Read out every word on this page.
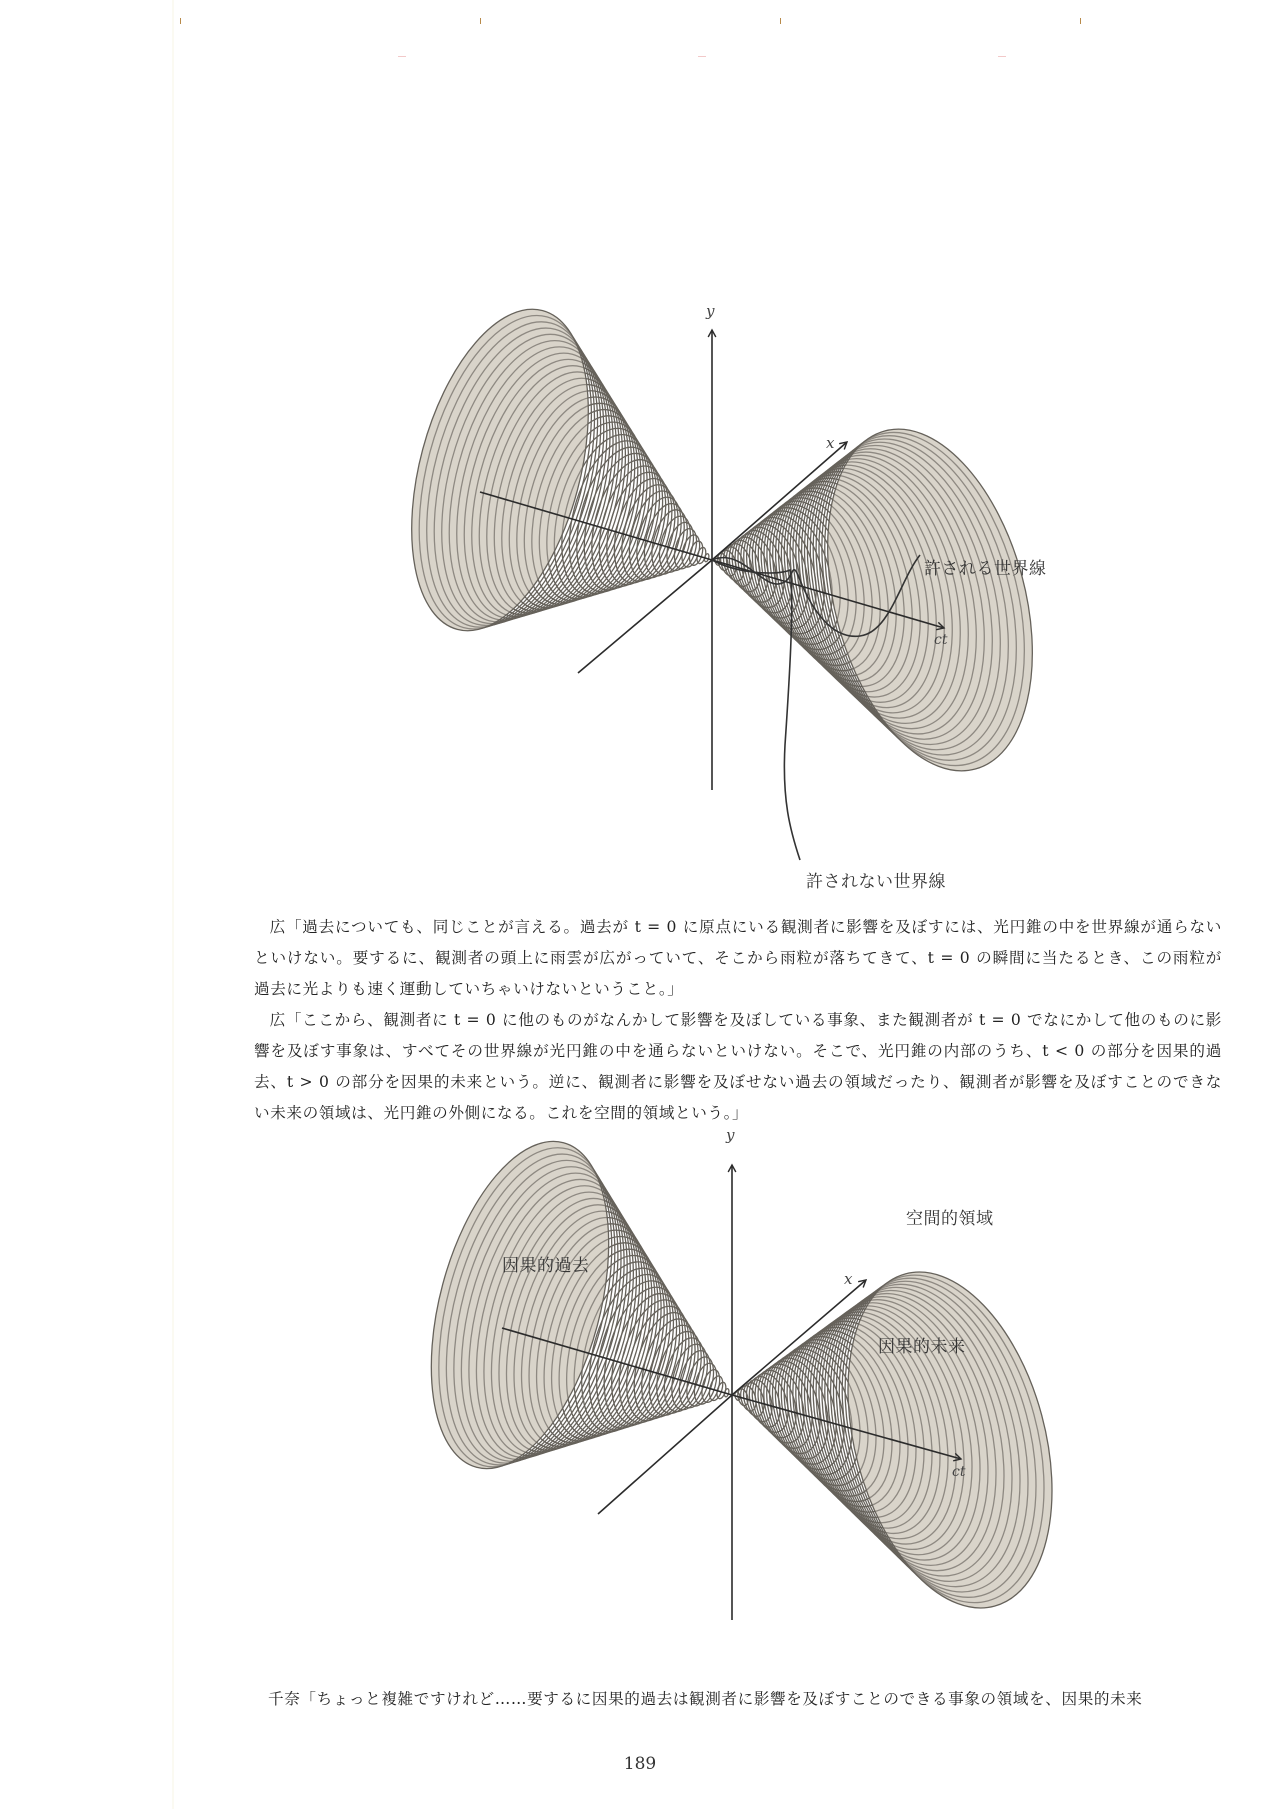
y
x
ct
許される世界線
許されない世界線

広「過去についても、同じことが言える。過去が t = 0 に原点にいる観測者に影響を及ぼすには、光円錐の中を世界線が通らないといけない。要するに、観測者の頭上に雨雲が広がっていて、そこから雨粒が落ちてきて、t = 0 の瞬間に当たるとき、この雨粒が過去に光よりも速く運動していちゃいけないということ。」

広「ここから、観測者に t = 0 に他のものがなんかして影響を及ぼしている事象、また観測者が t = 0 でなにかして他のものに影響を及ぼす事象は、すべてその世界線が光円錐の中を通らないといけない。そこで、光円錐の内部のうち、t < 0 の部分を因果的過去、t > 0 の部分を因果的未来という。逆に、観測者に影響を及ぼせない過去の領域だったり、観測者が影響を及ぼすことのできない未来の領域は、光円錐の外側になる。これを空間的領域という。」

y
x
ct
空間的領域
因果的過去
因果的未来

千奈「ちょっと複雑ですけれど……要するに因果的過去は観測者に影響を及ぼすことのできる事象の領域を、因果的未来

189
